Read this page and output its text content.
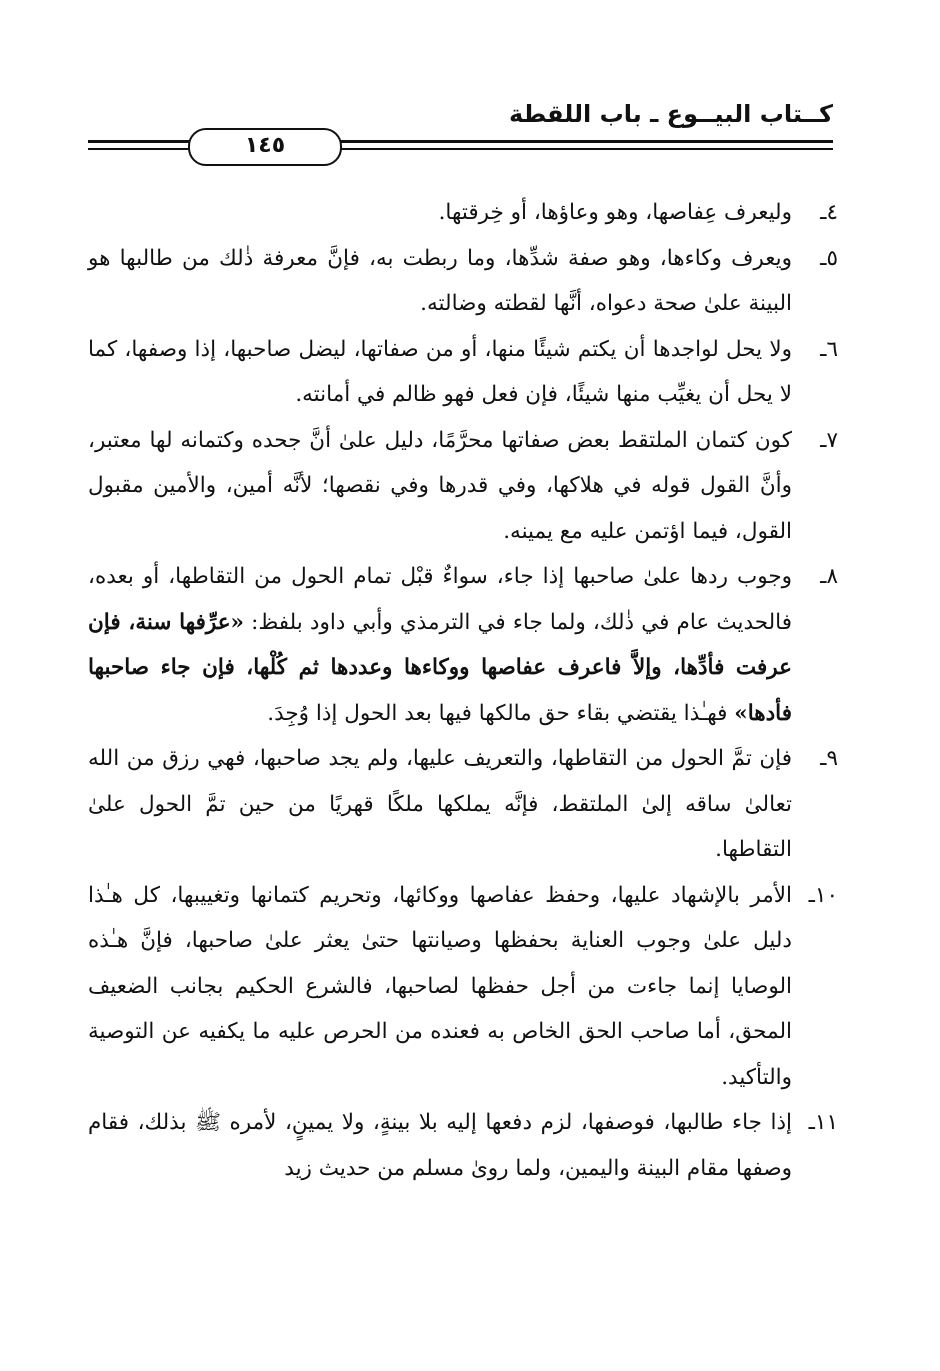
كــتاب البيــوع ـ باب اللقطة
١٤٥

٤ـ
وليعرف عِفاصها، وهو وعاؤها، أو خِرقتها.

٥ـ
ويعرف وكاءها، وهو صفة شدِّها، وما ربطت به، فإنَّ معرفة ذٰلك من طالبها هو البينة علىٰ صحة دعواه، أنَّها لقطته وضالته.

٦ـ
ولا يحل لواجدها أن يكتم شيئًا منها، أو من صفاتها، ليضل صاحبها، إذا وصفها، كما لا يحل أن يغيِّب منها شيئًا، فإن فعل فهو ظالم في أمانته.

٧ـ
كون كتمان الملتقط بعض صفاتها محرَّمًا، دليل علىٰ أنَّ جحده وكتمانه لها معتبر، وأنَّ القول قوله في هلاكها، وفي قدرها وفي نقصها؛ لأنَّه أمين، والأمين مقبول القول، فيما اؤتمن عليه مع يمينه.

٨ـ
وجوب ردها علىٰ صاحبها إذا جاء، سواءٌ قبْل تمام الحول من التقاطها، أو بعده، فالحديث عام في ذٰلك، ولما جاء في الترمذي وأبي داود بلفظ: «عرِّفها سنة، فإن عرفت فأدِّها، وإلاَّ فاعرف عفاصها ووكاءها وعددها ثم كُلْها، فإن جاء صاحبها فأدها» فهـٰذا يقتضي بقاء حق مالكها فيها بعد الحول إذا وُجِدَ.

٩ـ
فإن تمَّ الحول من التقاطها، والتعريف عليها، ولم يجد صاحبها، فهي رزق من الله تعالىٰ ساقه إلىٰ الملتقط، فإنَّه يملكها ملكًا قهريًا من حين تمَّ الحول علىٰ التقاطها.

١٠ـ
الأمر بالإشهاد عليها، وحفظ عفاصها ووكائها، وتحريم كتمانها وتغييبها، كل هـٰذا دليل علىٰ وجوب العناية بحفظها وصيانتها حتىٰ يعثر علىٰ صاحبها، فإنَّ هـٰذه الوصايا إنما جاءت من أجل حفظها لصاحبها، فالشرع الحكيم بجانب الضعيف المحق، أما صاحب الحق الخاص به فعنده من الحرص عليه ما يكفيه عن التوصية والتأكيد.

١١ـ
إذا جاء طالبها، فوصفها، لزم دفعها إليه بلا بينةٍ، ولا يمينٍ، لأمره ﷺ بذلك، فقام وصفها مقام البينة واليمين، ولما روىٰ مسلم من حديث زيد
